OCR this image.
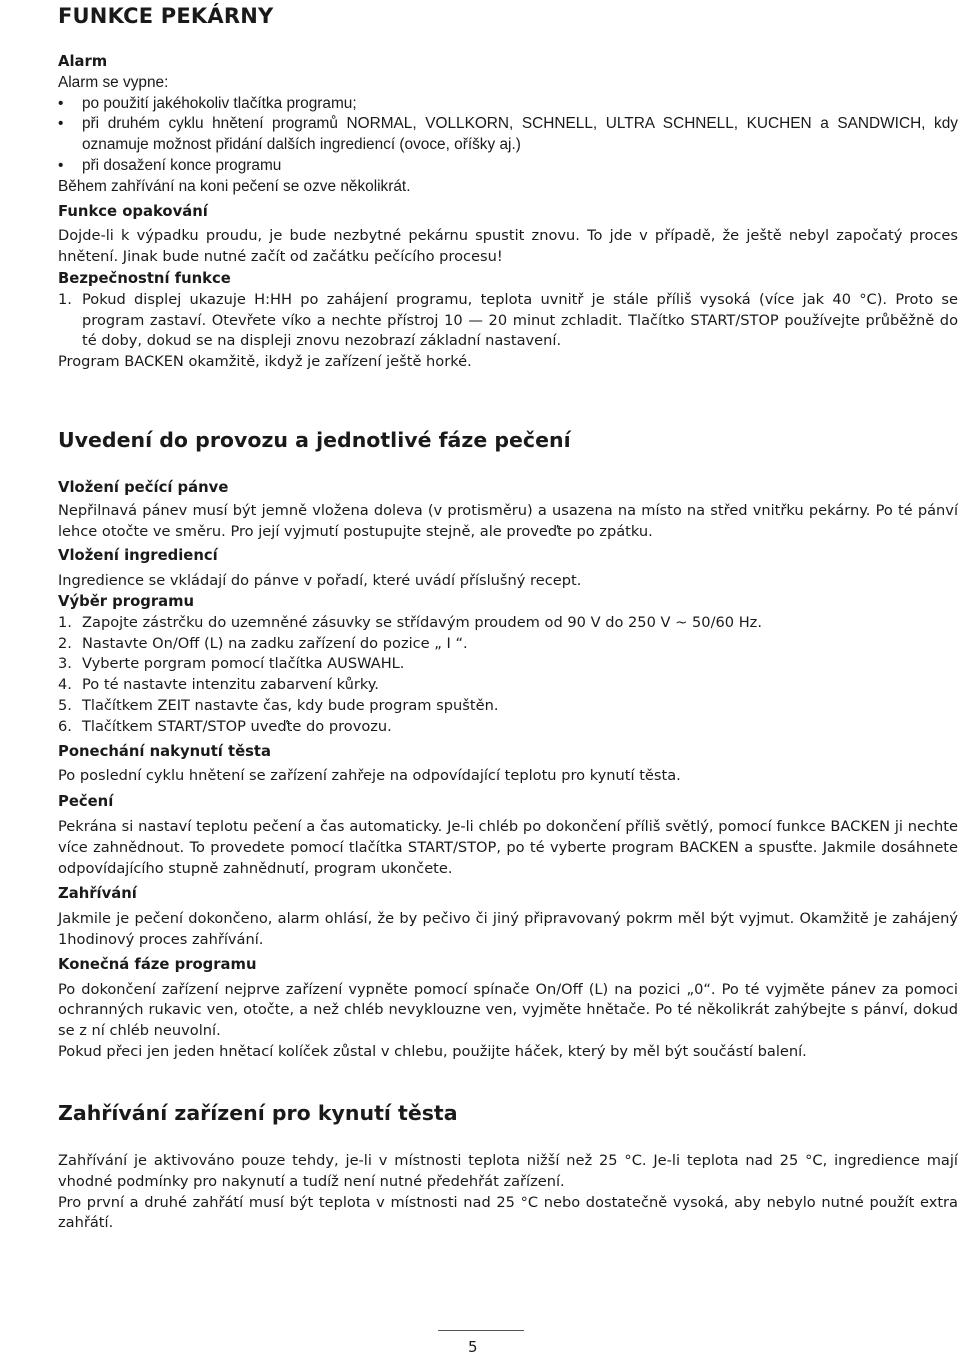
FUNKCE PEKÁRNY

Alarm

Alarm se vypne:

• po použití jakéhokoliv tlačítka programu;
• při druhém cyklu hnětení programů NORMAL, VOLLKORN, SCHNELL, ULTRA SCHNELL, KUCHEN a SANDWICH, kdy oznamuje možnost přidání dalších ingrediencí (ovoce, oříšky aj.)
• při dosažení konce programu

Během zahřívání na koni pečení se ozve několikrát.

Funkce opakování

Dojde-li k výpadku proudu, je bude nezbytné pekárnu spustit znovu. To jde v případě, že ještě nebyl započatý proces hnětení. Jinak bude nutné začít od začátku pečícího procesu!

Bezpečnostní funkce

1. Pokud displej ukazuje H:HH po zahájení programu, teplota uvnitř je stále příliš vysoká (více jak 40 °C). Proto se program zastaví. Otevřete víko a nechte přístroj 10 — 20 minut zchladit. Tlačítko START/STOP používejte průběžně do té doby, dokud se na displeji znovu nezobrazí základní nastavení.

Program BACKEN okamžitě, ikdyž je zařízení ještě horké.

Uvedení do provozu a jednotlivé fáze pečení

Vložení pečící pánve

Nepřilnavá pánev musí být jemně vložena doleva (v protisměru) a usazena na místo na střed vnitřku pekárny. Po té pánví lehce otočte ve směru. Pro její vyjmutí postupujte stejně, ale proveďte po zpátku.

Vložení ingrediencí

Ingredience se vkládají do pánve v pořadí, které uvádí příslušný recept.

Výběr programu

1. Zapojte zástrčku do uzemněné zásuvky se střídavým proudem od 90 V do 250 V ~ 50/60 Hz.
2. Nastavte On/Off (L) na zadku zařízení do pozice „ I “.
3. Vyberte porgram pomocí tlačítka AUSWAHL.
4. Po té nastavte intenzitu zabarvení kůrky.
5. Tlačítkem ZEIT nastavte čas, kdy bude program spuštěn.
6. Tlačítkem START/STOP uveďte do provozu.

Ponechání nakynutí těsta

Po poslední cyklu hnětení se zařízení zahřeje na odpovídající teplotu pro kynutí těsta.

Pečení

Pekrána si nastaví teplotu pečení a čas automaticky. Je-li chléb po dokončení příliš světlý, pomocí funkce BACKEN ji nechte více zahnědnout. To provedete pomocí tlačítka START/STOP, po té vyberte program BACKEN a spusťte. Jakmile dosáhnete odpovídajícího stupně zahnědnutí, program ukončete.

Zahřívání

Jakmile je pečení dokončeno, alarm ohlásí, že by pečivo či jiný připravovaný pokrm měl být vyjmut. Okamžitě je zahájený 1hodinový proces zahřívání.

Konečná fáze programu

Po dokončení zařízení nejprve zařízení vypněte pomocí spínače On/Off (L) na pozici „0“. Po té vyjměte pánev za pomoci ochranných rukavic ven, otočte, a než chléb nevyklouzne ven, vyjměte hnětače. Po té několikrát zahýbejte s pánví, dokud se z ní chléb neuvolní.

Pokud přeci jen jeden hnětací kolíček zůstal v chlebu, použijte háček, který by měl být součástí balení.

Zahřívání zařízení pro kynutí těsta

Zahřívání je aktivováno pouze tehdy, je-li v místnosti teplota nižší než 25 °C. Je-li teplota nad 25 °C, ingredience mají vhodné podmínky pro nakynutí a tudíž není nutné předehřát zařízení.

Pro první a druhé zahřátí musí být teplota v místnosti nad 25 °C nebo dostatečně vysoká, aby nebylo nutné použít extra zahřátí.

5
